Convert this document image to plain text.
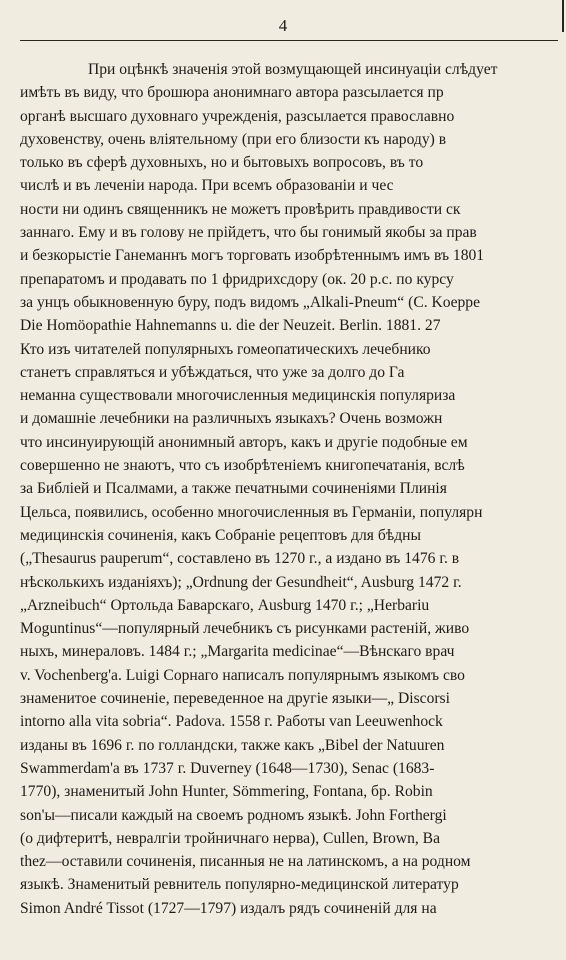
4
При оцѣнкѣ значенія этой возмущающей инсинуаціи слѣдует
имѣть въ виду, что брошюра анонимнаго автора разсылается пр
органѣ высшаго духовнаго учрежденія, разсылается православно
духовенству, очень вліятельному (при его близости къ народу) в
только въ сферѣ духовныхъ, но и бытовыхъ вопросовъ, въ то
числѣ и въ леченіи народа. При всемъ образованіи и чес
ности ни одинъ священникъ не можетъ провѣрить правдивости ск
заннаго. Ему и въ голову не прійдетъ, что бы гонимый якобы за прав
и безкорыстіе Ганеманнъ могъ торговать изобрѣтеннымъ имъ въ 1801
препаратомъ и продавать по 1 фридрихсдору (ок. 20 р.с. по курсу
за унцъ обыкновенную буру, подъ видомъ „Alkali-Pneum“ (C. Koeppe
Die Homöopathie Hahnemanns u. die der Neuzeit. Berlin. 1881. 27
Кто изъ читателей популярныхъ гомеопатическихъ лечебнико
станетъ справляться и убѣждаться, что уже за долго до Га
неманна существовали многочисленныя медицинскія популяриза
и домашніе лечебники на различныхъ языкахъ? Очень возможн
что инсинуирующій анонимный авторъ, какъ и другіе подобные ем
совершенно не знаютъ, что съ изобрѣтеніемъ книгопечатанія, вслѣ
за Библіей и Псалмами, а также печатными сочиненіями Плинія
Цельса, появились, особенно многочисленныя въ Германіи, популярн
медицинскія сочиненія, какъ Собраніе рецептовъ для бѣдны
(„Thesaurus pauperum“, составлено въ 1270 г., а издано въ 1476 г. в
нѣсколькихъ изданіяхъ); „Ordnung der Gesundheit“, Ausburg 1472 г.
„Arzneibuch“ Ортольда Баварскаго, Ausburg 1470 г.; „Herbariu
Moguntinus“—популярный лечебникъ съ рисунками растеній, живо
ныхъ, минераловъ. 1484 г.; „Margarita medicinae“—Вѣнскаго врач
v. Vochenberg'а. Luigi Сорнаго написалъ популярнымъ языкомъ сво
знаменитое сочиненіе, переведенное на другіе языки—„ Discorsi
intorno alla vita sobria“. Padova. 1558 г. Работы van Leeuwenhock
изданы въ 1696 г. по голландски, также какъ „Bibel der Natuuren
Swammerdam'а въ 1737 г. Duverney (1648—1730), Senac (1683-
1770), знаменитый John Hunter, Sömmering, Fontana, бр. Robin
son'ы—писали каждый на своемъ родномъ языкѣ. John Forthergi
(о дифтеритѣ, невралгіи тройничнаго нерва), Cullen, Brown, Ba
thez—оставили сочиненія, писанныя не на латинскомъ, а на родном
языкѣ. Знаменитый ревнитель популярно-медицинской литератур
Simon André Tissot (1727—1797) издалъ рядъ сочиненій для на
